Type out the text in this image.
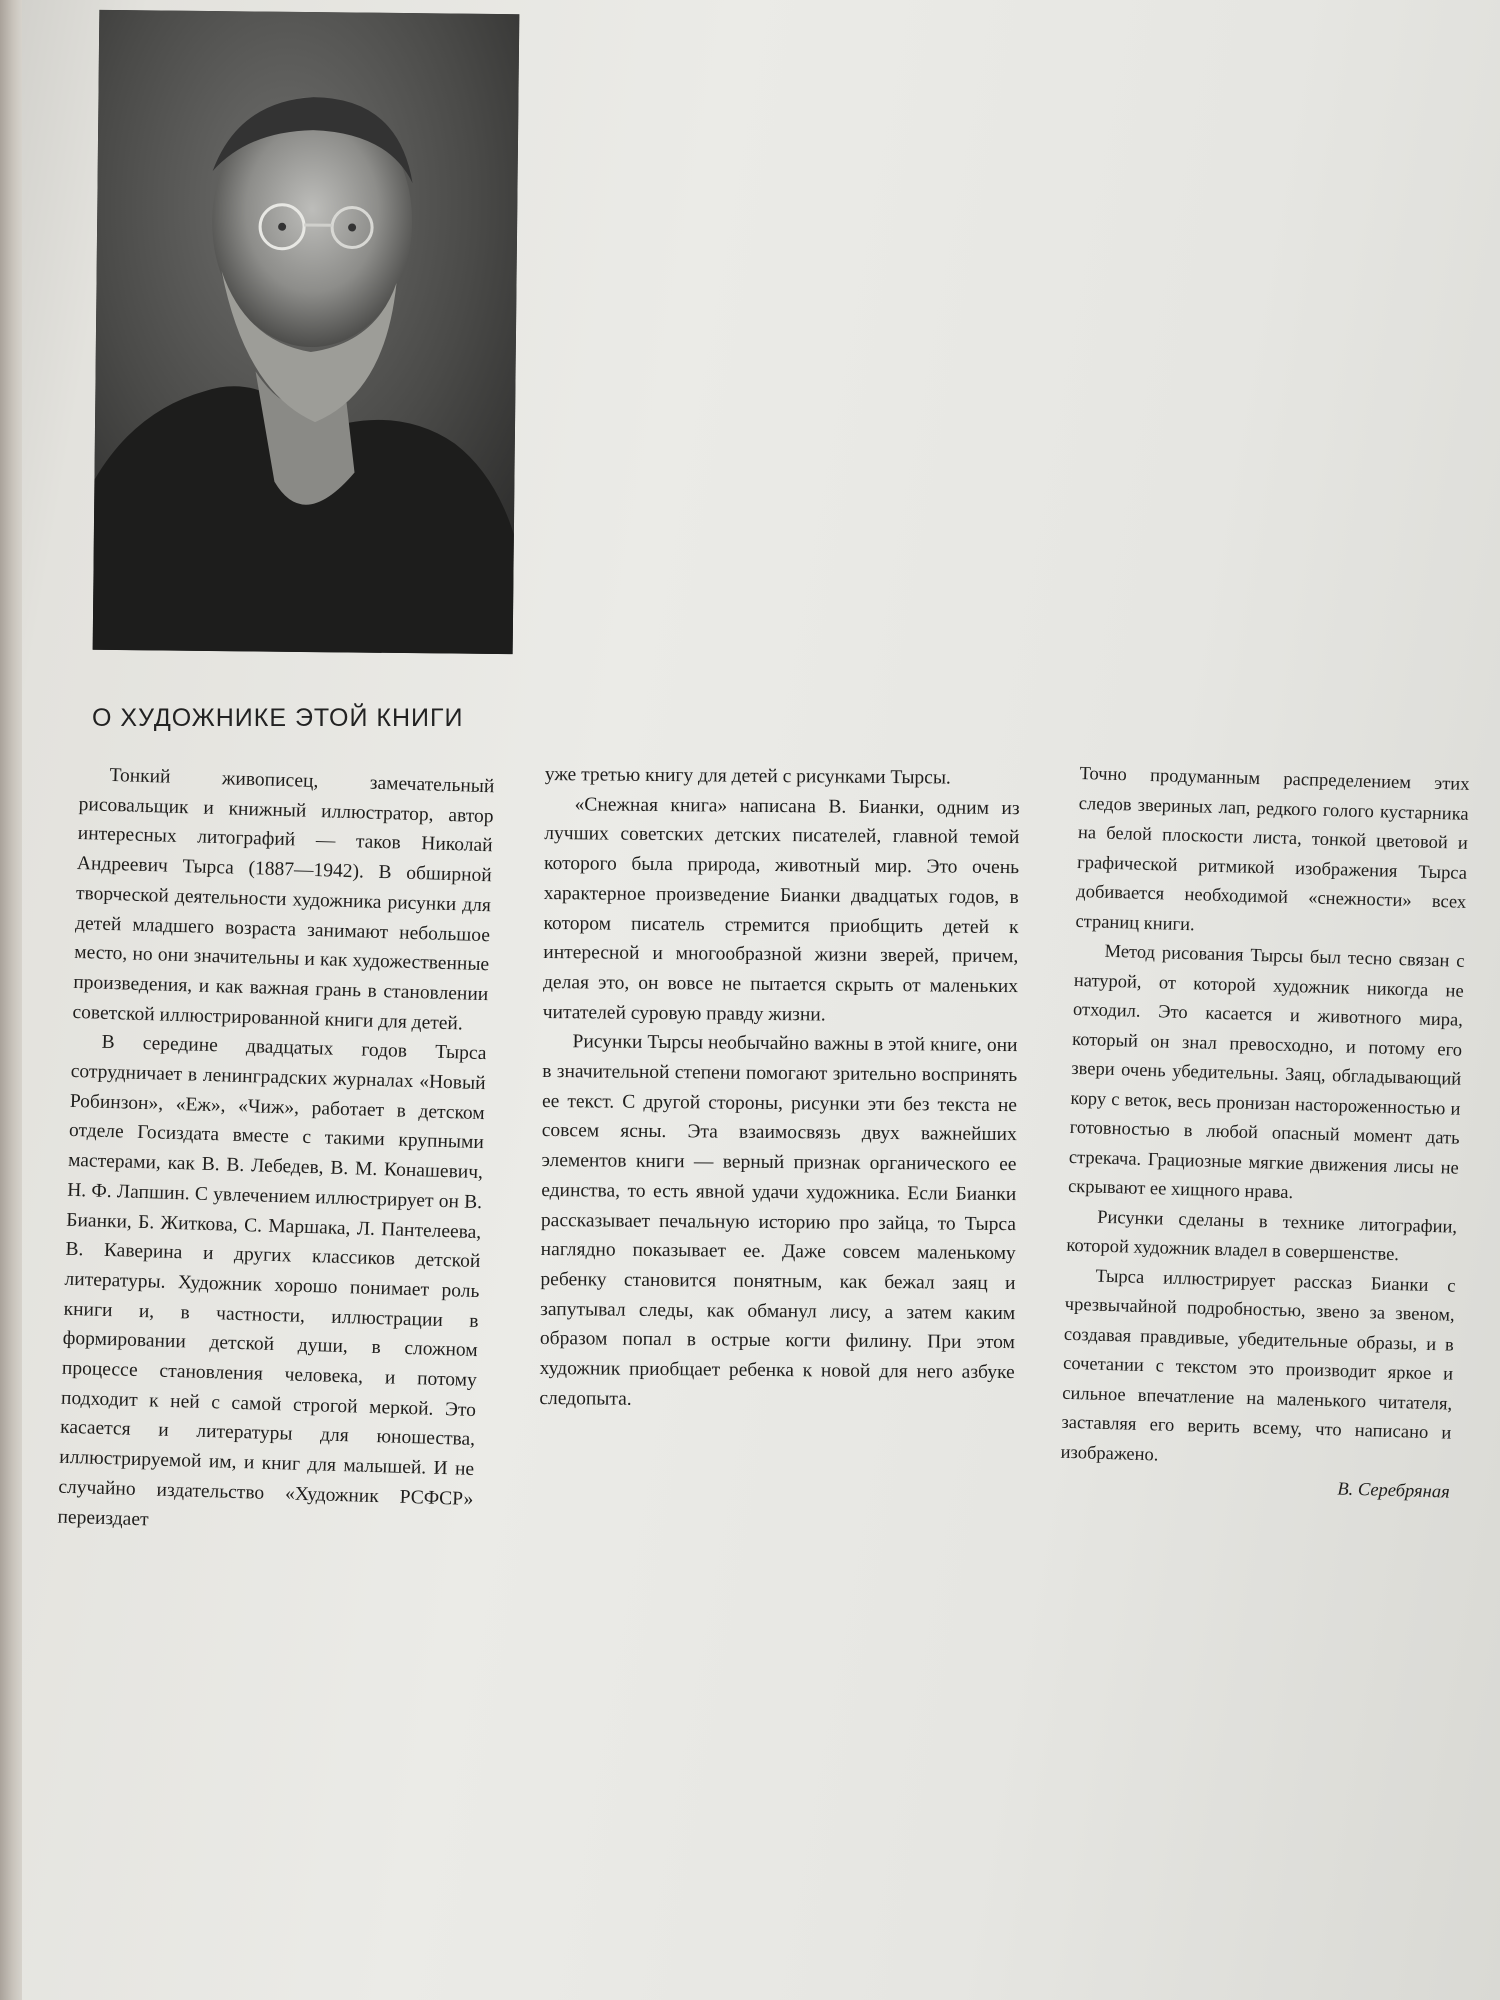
О ХУДОЖНИКЕ ЭТОЙ КНИГИ

Тонкий живописец, замечательный рисовальщик и книжный иллюстратор, автор интересных литографий — таков Николай Андреевич Тырса (1887—1942). В обширной творческой деятельности художника рисунки для детей младшего возраста занимают небольшое место, но они значительны и как художественные произведения, и как важная грань в становлении советской иллюстрированной книги для детей.

В середине двадцатых годов Тырса сотрудничает в ленинградских журналах «Новый Робинзон», «Еж», «Чиж», работает в детском отделе Госиздата вместе с такими крупными мастерами, как В. В. Лебедев, В. М. Конашевич, Н. Ф. Лапшин. С увлечением иллюстрирует он В. Бианки, Б. Житкова, С. Маршака, Л. Пантелеева, В. Каверина и других классиков детской литературы. Художник хорошо понимает роль книги и, в частности, иллюстрации в формировании детской души, в сложном процессе становления человека, и потому подходит к ней с самой строгой меркой. Это касается и литературы для юношества, иллюстрируемой им, и книг для малышей. И не случайно издательство «Художник РСФСР» переиздает

уже третью книгу для детей с рисунками Тырсы.

«Снежная книга» написана В. Бианки, одним из лучших советских детских писателей, главной темой которого была природа, животный мир. Это очень характерное произведение Бианки двадцатых годов, в котором писатель стремится приобщить детей к интересной и многообразной жизни зверей, причем, делая это, он вовсе не пытается скрыть от маленьких читателей суровую правду жизни.

Рисунки Тырсы необычайно важны в этой книге, они в значительной степени помогают зрительно воспринять ее текст. С другой стороны, рисунки эти без текста не совсем ясны. Эта взаимосвязь двух важнейших элементов книги — верный признак органического ее единства, то есть явной удачи художника. Если Бианки рассказывает печальную историю про зайца, то Тырса наглядно показывает ее. Даже совсем маленькому ребенку становится понятным, как бежал заяц и запутывал следы, как обманул лису, а затем каким образом попал в острые когти филину. При этом художник приобщает ребенка к новой для него азбуке следопыта.

Точно продуманным распределением этих следов звериных лап, редкого голого кустарника на белой плоскости листа, тонкой цветовой и графической ритмикой изображения Тырса добивается необходимой «снежности» всех страниц книги.

Метод рисования Тырсы был тесно связан с натурой, от которой художник никогда не отходил. Это касается и животного мира, который он знал превосходно, и потому его звери очень убедительны. Заяц, обгладывающий кору с веток, весь пронизан настороженностью и готовностью в любой опасный момент дать стрекача. Грациозные мягкие движения лисы не скрывают ее хищного нрава.

Рисунки сделаны в технике литографии, которой художник владел в совершенстве.

Тырса иллюстрирует рассказ Бианки с чрезвычайной подробностью, звено за звеном, создавая правдивые, убедительные образы, и в сочетании с текстом это производит яркое и сильное впечатление на маленького читателя, заставляя его верить всему, что написано и изображено.

В. Серебряная
